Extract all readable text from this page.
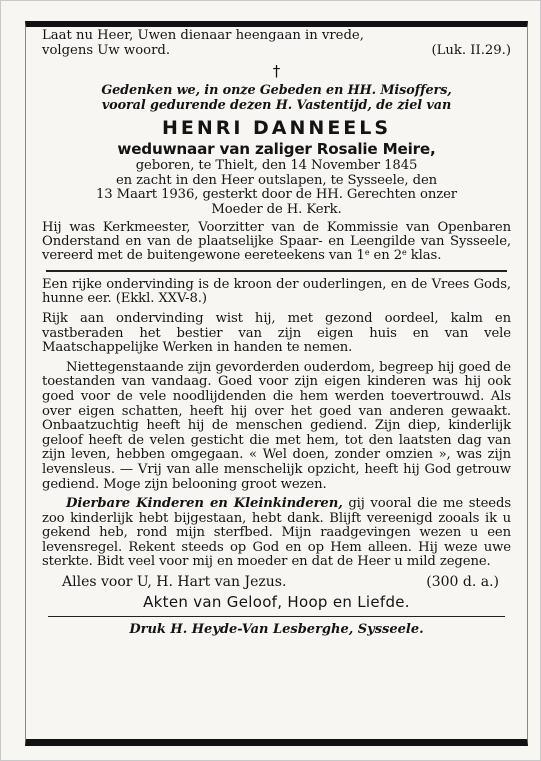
Laat nu Heer, Uwen dienaar heengaan in vrede,
volgens Uw woord.	(Luk. II.29.)
†
Gedenken we, in onze Gebeden en HH. Misoffers,
vooral gedurende dezen H. Vastentijd, de ziel van
HENRI DANNEELS
weduwnaar van zaliger Rosalie Meire,
geboren, te Thielt, den 14 November 1845
en zacht in den Heer outslapen, te Sysseele, den
13 Maart 1936, gesterkt door de HH. Gerechten onzer
Moeder de H. Kerk.

Hij was Kerkmeester, Voorzitter van de Kommissie van Openbaren Onderstand en van de plaatselijke Spaar- en Leengilde van Sysseele, vereerd met de buitengewone eereteekens van 1e en 2e klas.

Een rijke ondervinding is de kroon der ouderlingen, en de Vrees Gods, hunne eer. (Ekkl. XXV-8.)

Rijk aan ondervinding wist hij, met gezond oordeel, kalm en vastberaden het bestier van zijn eigen huis en van vele Maatschappelijke Werken in handen te nemen.

Niettegenstaande zijn gevorderden ouderdom, begreep hij goed de toestanden van vandaag. Goed voor zijn eigen kinderen was hij ook goed voor de vele noodlijdenden die hem werden toevertrouwd. Als over eigen schatten, heeft hij over het goed van anderen gewaakt. Onbaatzuchtig heeft hij de menschen gediend. Zijn diep, kinderlijk geloof heeft de velen gesticht die met hem, tot den laatsten dag van zijn leven, hebben omgegaan. « Wel doen, zonder omzien », was zijn levensleus. — Vrij van alle menschelijk opzicht, heeft hij God getrouw gediend. Moge zijn belooning groot wezen.

Dierbare Kinderen en Kleinkinderen, gij vooral die me steeds zoo kinderlijk hebt bijgestaan, hebt dank. Blijft vereenigd zooals ik u gekend heb, rond mijn sterfbed. Mijn raadgevingen wezen u een levensregel. Rekent steeds op God en op Hem alleen. Hij weze uwe sterkte. Bidt veel voor mij en moeder en dat de Heer u mild zegene.

Alles voor U, H. Hart van Jezus.	(300 d. a.)
Akten van Geloof, Hoop en Liefde.
Druk H. Heyde-Van Lesberghe, Sysseele.
